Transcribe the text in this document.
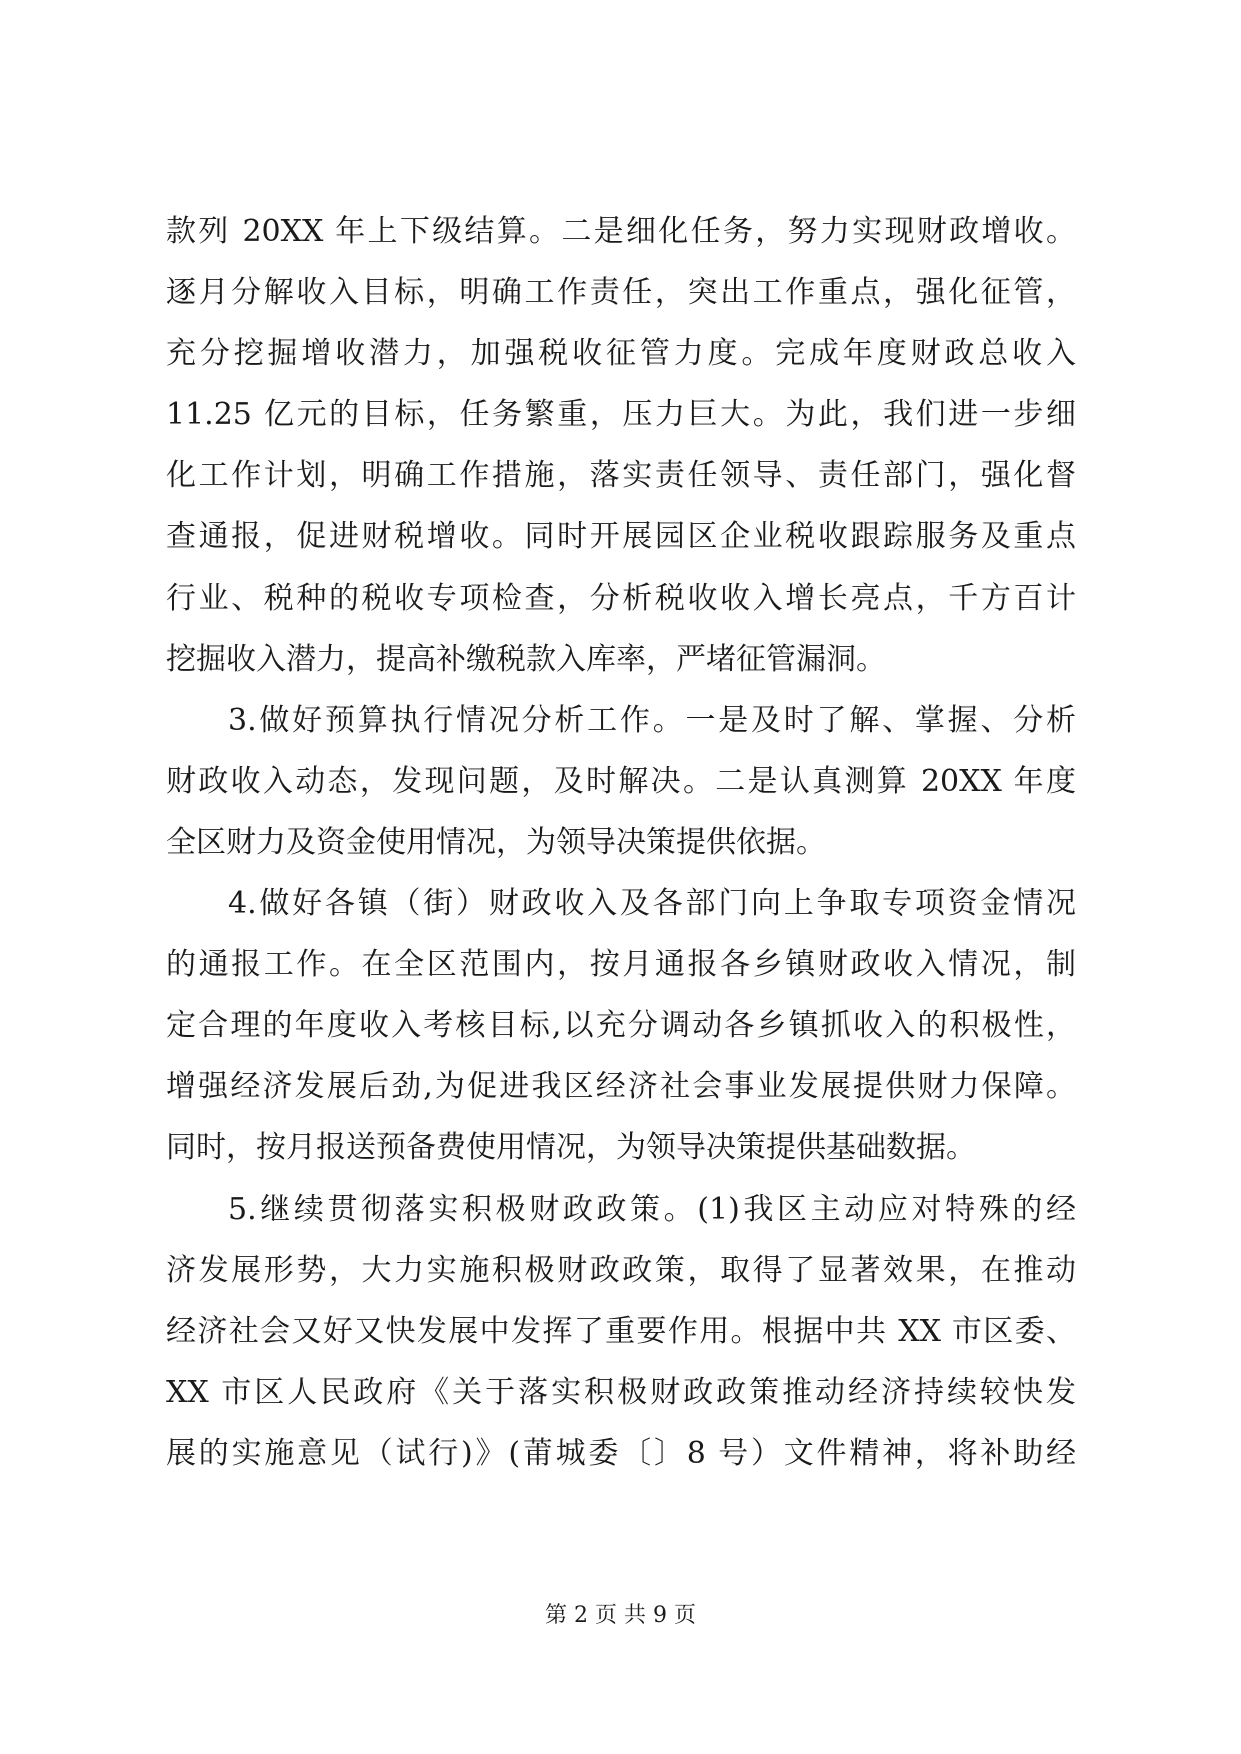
款列 20XX 年上下级结算。二是细化任务，努力实现财政增收。
逐月分解收入目标，明确工作责任，突出工作重点，强化征管，
充分挖掘增收潜力，加强税收征管力度。完成年度财政总收入
11.25 亿元的目标，任务繁重，压力巨大。为此，我们进一步细
化工作计划，明确工作措施，落实责任领导、责任部门，强化督
查通报，促进财税增收。同时开展园区企业税收跟踪服务及重点
行业、税种的税收专项检查，分析税收收入增长亮点，千方百计
挖掘收入潜力，提高补缴税款入库率，严堵征管漏洞。
3.做好预算执行情况分析工作。一是及时了解、掌握、分析
财政收入动态，发现问题，及时解决。二是认真测算 20XX 年度
全区财力及资金使用情况，为领导决策提供依据。
4.做好各镇（街）财政收入及各部门向上争取专项资金情况
的通报工作。在全区范围内，按月通报各乡镇财政收入情况，制
定合理的年度收入考核目标,以充分调动各乡镇抓收入的积极性，
增强经济发展后劲,为促进我区经济社会事业发展提供财力保障。
同时，按月报送预备费使用情况，为领导决策提供基础数据。
5.继续贯彻落实积极财政政策。(1)我区主动应对特殊的经
济发展形势，大力实施积极财政政策，取得了显著效果，在推动
经济社会又好又快发展中发挥了重要作用。根据中共 XX 市区委、
XX 市区人民政府《关于落实积极财政政策推动经济持续较快发
展的实施意见（试行)》(莆城委〔〕8 号）文件精神，将补助经
第 2 页 共 9 页
